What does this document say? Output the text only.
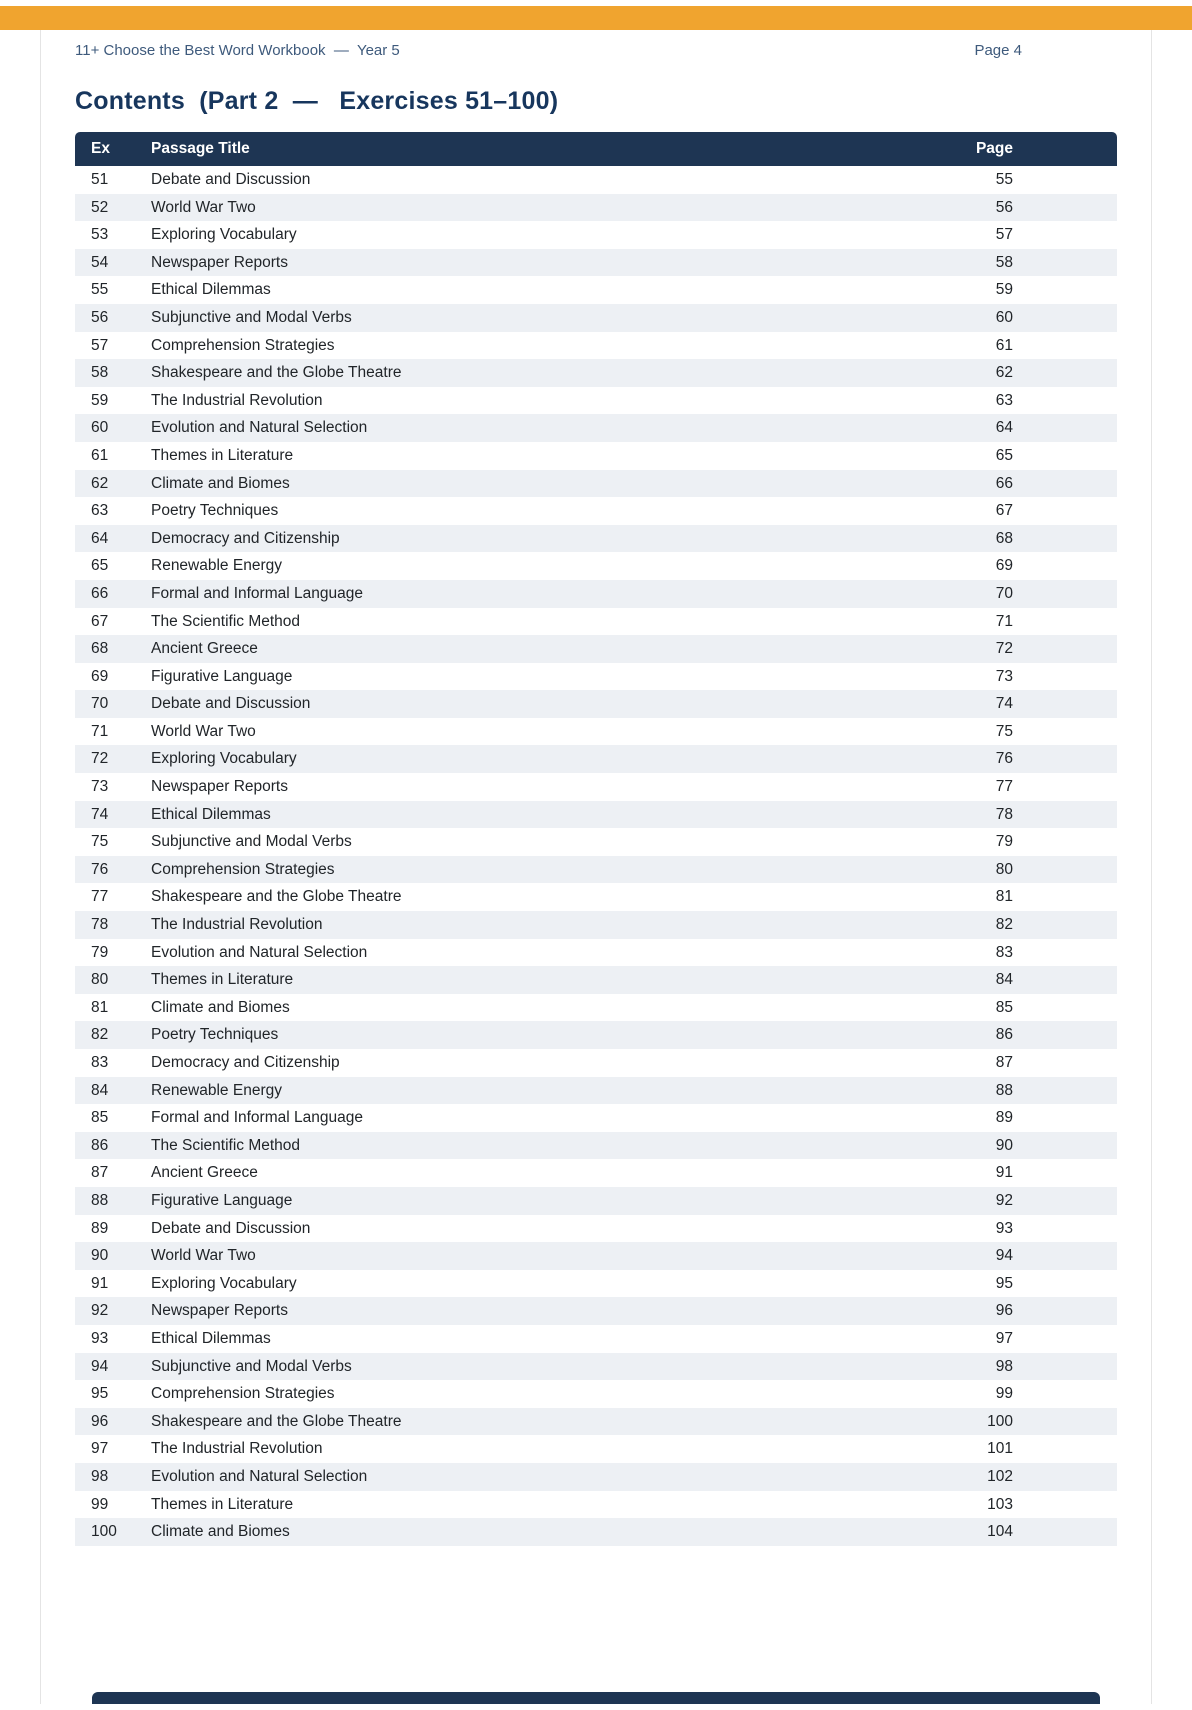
11+ Choose the Best Word Workbook  —  Year 5	Page 4
Contents  (Part 2  —   Exercises 51–100)
Ex	Passage Title	Page
51	Debate and Discussion	55
52	World War Two	56
53	Exploring Vocabulary	57
54	Newspaper Reports	58
55	Ethical Dilemmas	59
56	Subjunctive and Modal Verbs	60
57	Comprehension Strategies	61
58	Shakespeare and the Globe Theatre	62
59	The Industrial Revolution	63
60	Evolution and Natural Selection	64
61	Themes in Literature	65
62	Climate and Biomes	66
63	Poetry Techniques	67
64	Democracy and Citizenship	68
65	Renewable Energy	69
66	Formal and Informal Language	70
67	The Scientific Method	71
68	Ancient Greece	72
69	Figurative Language	73
70	Debate and Discussion	74
71	World War Two	75
72	Exploring Vocabulary	76
73	Newspaper Reports	77
74	Ethical Dilemmas	78
75	Subjunctive and Modal Verbs	79
76	Comprehension Strategies	80
77	Shakespeare and the Globe Theatre	81
78	The Industrial Revolution	82
79	Evolution and Natural Selection	83
80	Themes in Literature	84
81	Climate and Biomes	85
82	Poetry Techniques	86
83	Democracy and Citizenship	87
84	Renewable Energy	88
85	Formal and Informal Language	89
86	The Scientific Method	90
87	Ancient Greece	91
88	Figurative Language	92
89	Debate and Discussion	93
90	World War Two	94
91	Exploring Vocabulary	95
92	Newspaper Reports	96
93	Ethical Dilemmas	97
94	Subjunctive and Modal Verbs	98
95	Comprehension Strategies	99
96	Shakespeare and the Globe Theatre	100
97	The Industrial Revolution	101
98	Evolution and Natural Selection	102
99	Themes in Literature	103
100	Climate and Biomes	104
